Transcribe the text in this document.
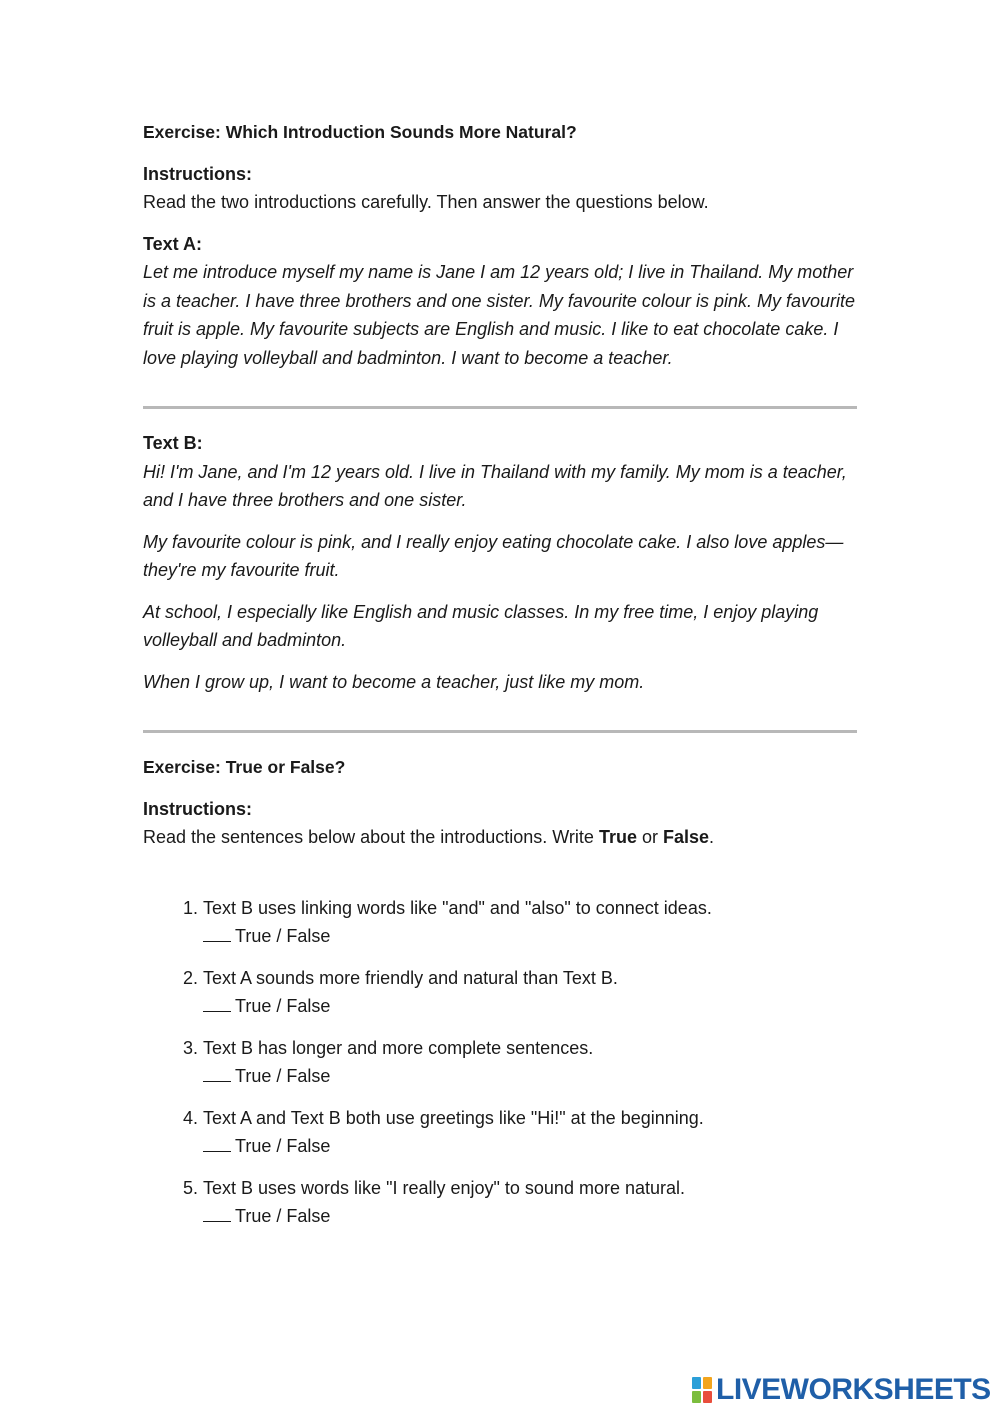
Exercise: Which Introduction Sounds More Natural?

Instructions:

Read the two introductions carefully. Then answer the questions below.

Text A:

Let me introduce myself my name is Jane I am 12 years old; I live in Thailand. My mother is a teacher. I have three brothers and one sister. My favourite colour is pink. My favourite fruit is apple. My favourite subjects are English and music. I like to eat chocolate cake. I love playing volleyball and badminton. I want to become a teacher.

Text B:

Hi! I'm Jane, and I'm 12 years old. I live in Thailand with my family. My mom is a teacher, and I have three brothers and one sister.

My favourite colour is pink, and I really enjoy eating chocolate cake. I also love apples—they're my favourite fruit.

At school, I especially like English and music classes. In my free time, I enjoy playing volleyball and badminton.

When I grow up, I want to become a teacher, just like my mom.

Exercise: True or False?

Instructions:

Read the sentences below about the introductions. Write True or False.

1. Text B uses linking words like "and" and "also" to connect ideas.
True / False
2. Text A sounds more friendly and natural than Text B.
True / False
3. Text B has longer and more complete sentences.
True / False
4. Text A and Text B both use greetings like "Hi!" at the beginning.
True / False
5. Text B uses words like "I really enjoy" to sound more natural.
True / False
LIVEWORKSHEETS
